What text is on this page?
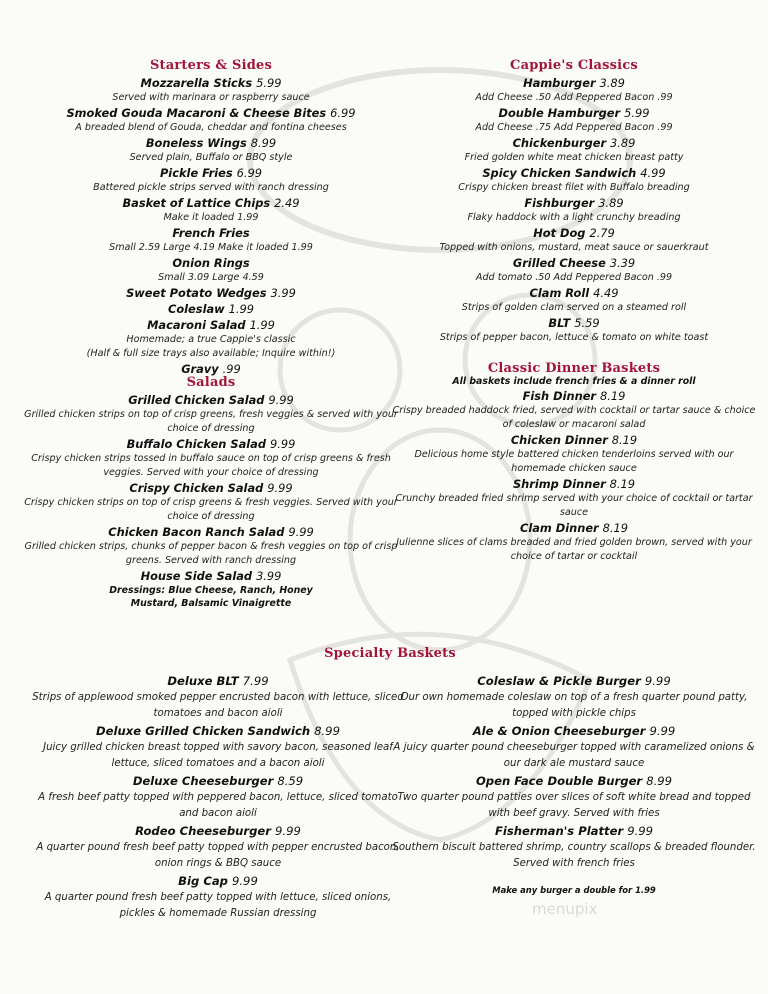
Starters & Sides
Mozzarella Sticks 5.99
Served with marinara or raspberry sauce
Smoked Gouda Macaroni & Cheese Bites 6.99
A breaded blend of Gouda, cheddar and fontina cheeses
Boneless Wings 8.99
Served plain, Buffalo or BBQ style
Pickle Fries 6.99
Battered pickle strips served with ranch dressing
Basket of Lattice Chips 2.49
Make it loaded 1.99
French Fries
Small 2.59 Large 4.19 Make it loaded 1.99
Onion Rings
Small 3.09 Large 4.59
Sweet Potato Wedges 3.99
Coleslaw 1.99
Macaroni Salad 1.99
Homemade; a true Cappie's classic
(Half & full size trays also available; Inquire within!)
Gravy .99
Salads
Grilled Chicken Salad 9.99
Grilled chicken strips on top of crisp greens, fresh veggies & served with your choice of dressing
Buffalo Chicken Salad 9.99
Crispy chicken strips tossed in buffalo sauce on top of crisp greens & fresh veggies. Served with your choice of dressing
Crispy Chicken Salad 9.99
Crispy chicken strips on top of crisp greens & fresh veggies. Served with your choice of dressing
Chicken Bacon Ranch Salad 9.99
Grilled chicken strips, chunks of pepper bacon & fresh veggies on top of crisp greens. Served with ranch dressing
House Side Salad 3.99
Dressings: Blue Cheese, Ranch, Honey Mustard, Balsamic Vinaigrette
Cappie's Classics
Hamburger 3.89
Add Cheese .50 Add Peppered Bacon .99
Double Hamburger 5.99
Add Cheese .75 Add Peppered Bacon .99
Chickenburger 3.89
Fried golden white meat chicken breast patty
Spicy Chicken Sandwich 4.99
Crispy chicken breast filet with Buffalo breading
Fishburger 3.89
Flaky haddock with a light crunchy breading
Hot Dog 2.79
Topped with onions, mustard, meat sauce or sauerkraut
Grilled Cheese 3.39
Add tomato .50 Add Peppered Bacon .99
Clam Roll 4.49
Strips of golden clam served on a steamed roll
BLT 5.59
Strips of pepper bacon, lettuce & tomato on white toast
Classic Dinner Baskets
All baskets include french fries & a dinner roll
Fish Dinner 8.19
Crispy breaded haddock fried, served with cocktail or tartar sauce & choice of coleslaw or macaroni salad
Chicken Dinner 8.19
Delicious home style battered chicken tenderloins served with our homemade chicken sauce
Shrimp Dinner 8.19
Crunchy breaded fried shrimp served with your choice of cocktail or tartar sauce
Clam Dinner 8.19
Julienne slices of clams breaded and fried golden brown, served with your choice of tartar or cocktail
Specialty Baskets
Deluxe BLT 7.99
Strips of applewood smoked pepper encrusted bacon with lettuce, sliced tomatoes and bacon aioli
Deluxe Grilled Chicken Sandwich 8.99
Juicy grilled chicken breast topped with savory bacon, seasoned leaf lettuce, sliced tomatoes and a bacon aioli
Deluxe Cheeseburger 8.59
A fresh beef patty topped with peppered bacon, lettuce, sliced tomato and bacon aioli
Rodeo Cheeseburger 9.99
A quarter pound fresh beef patty topped with pepper encrusted bacon, onion rings & BBQ sauce
Big Cap 9.99
A quarter pound fresh beef patty topped with lettuce, sliced onions, pickles & homemade Russian dressing
Coleslaw & Pickle Burger 9.99
Our own homemade coleslaw on top of a fresh quarter pound patty, topped with pickle chips
Ale & Onion Cheeseburger 9.99
A juicy quarter pound cheeseburger topped with caramelized onions & our dark ale mustard sauce
Open Face Double Burger 8.99
Two quarter pound patties over slices of soft white bread and topped with beef gravy. Served with fries
Fisherman's Platter 9.99
Southern biscuit battered shrimp, country scallops & breaded flounder. Served with french fries
Make any burger a double for 1.99
menupix
